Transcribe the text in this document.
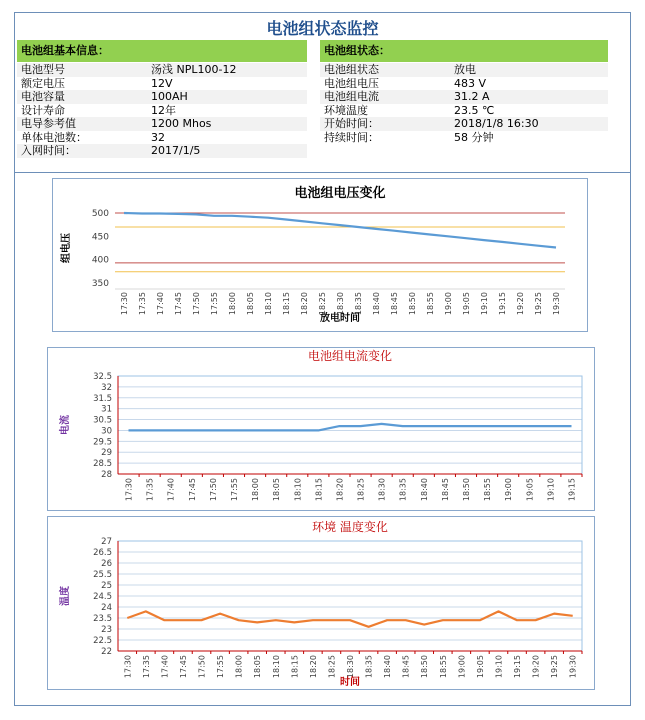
电池组状态监控
电池组基本信息：
电池型号	汤浅 NPL100-12
额定电压	12V
电池容量	100AH
设计寿命	12年
电导参考值	1200 Mhos
单体电池数：	32
入网时间：	2017/1/5
电池组状态：
电池组状态	放电
电池组电压	483 V
电池组电流	31.2 A
环境温度	23.5 ℃
开始时间：	2018/1/8 16:30
持续时间：	58 分钟
电池组电压变化
350
400
450
500
17:30 17:35 17:40 17:45 17:50 17:55 18:00 18:05 18:10 18:15 18:20 18:25 18:30 18:35 18:40 18:45 18:50 18:55 19:00 19:05 19:10 19:15 19:20 19:25 19:30
组电压
放电时间
电池组电流变化
28
28.5
29
29.5
30
30.5
31
31.5
32
32.5
17:30 17:35 17:40 17:45 17:50 17:55 18:00 18:05 18:10 18:15 18:20 18:25 18:30 18:35 18:40 18:45 18:50 18:55 19:00 19:05 19:10 19:15
电流
环境 温度变化
22
22.5
23
23.5
24
24.5
25
25.5
26
26.5
27
17:30 17:35 17:40 17:45 17:50 17:55 18:00 18:05 18:10 18:15 18:20 18:25 18:30 18:35 18:40 18:45 18:50 18:55 19:00 19:05 19:10 19:15 19:20 19:25 19:30
温度
时间
